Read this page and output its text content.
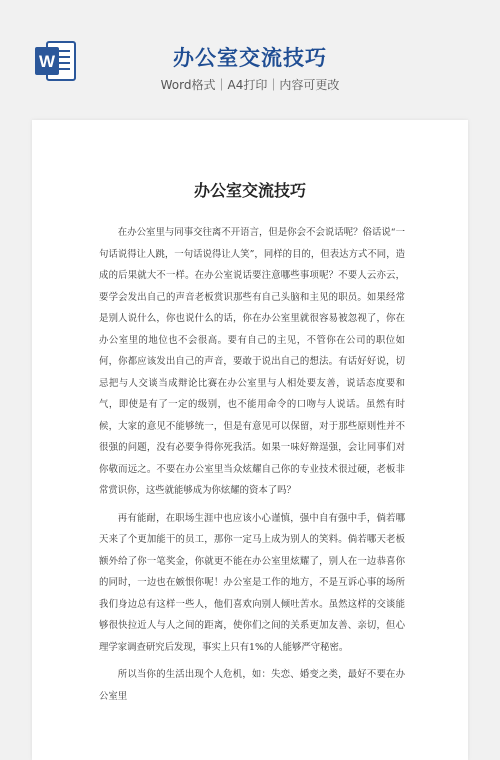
W	办公室交流技巧
Word格式｜A4打印｜内容可更改
办公室交流技巧

在办公室里与同事交往离不开语言，但是你会不会说话呢？俗话说“一句话说得让人跳，一句话说得让人笑”，同样的目的，但表达方式不同，造成的后果就大不一样。在办公室说话要注意哪些事项呢？不要人云亦云，要学会发出自己的声音老板赏识那些有自己头脑和主见的职员。如果经常是别人说什么，你也说什么的话，你在办公室里就很容易被忽视了，你在办公室里的地位也不会很高。要有自己的主见，不管你在公司的职位如何，你都应该发出自己的声音，要敢于说出自己的想法。有话好好说，切忌把与人交谈当成辩论比赛在办公室里与人相处要友善，说话态度要和气，即使是有了一定的级别，也不能用命令的口吻与人说话。虽然有时候，大家的意见不能够统一，但是有意见可以保留，对于那些原则性并不很强的问题，没有必要争得你死我活。如果一味好辩逞强，会让同事们对你敬而远之。不要在办公室里当众炫耀自己你的专业技术很过硬，老板非常赏识你，这些就能够成为你炫耀的资本了吗？

再有能耐，在职场生涯中也应该小心谨慎，强中自有强中手，倘若哪天来了个更加能干的员工，那你一定马上成为别人的笑料。倘若哪天老板额外给了你一笔奖金，你就更不能在办公室里炫耀了，别人在一边恭喜你的同时，一边也在嫉恨你呢！办公室是工作的地方，不是互诉心事的场所我们身边总有这样一些人，他们喜欢向别人倾吐苦水。虽然这样的交谈能够很快拉近人与人之间的距离，使你们之间的关系更加友善、亲切，但心理学家调查研究后发现，事实上只有1%的人能够严守秘密。

所以当你的生活出现个人危机，如：失恋、婚变之类，最好不要在办公室里
